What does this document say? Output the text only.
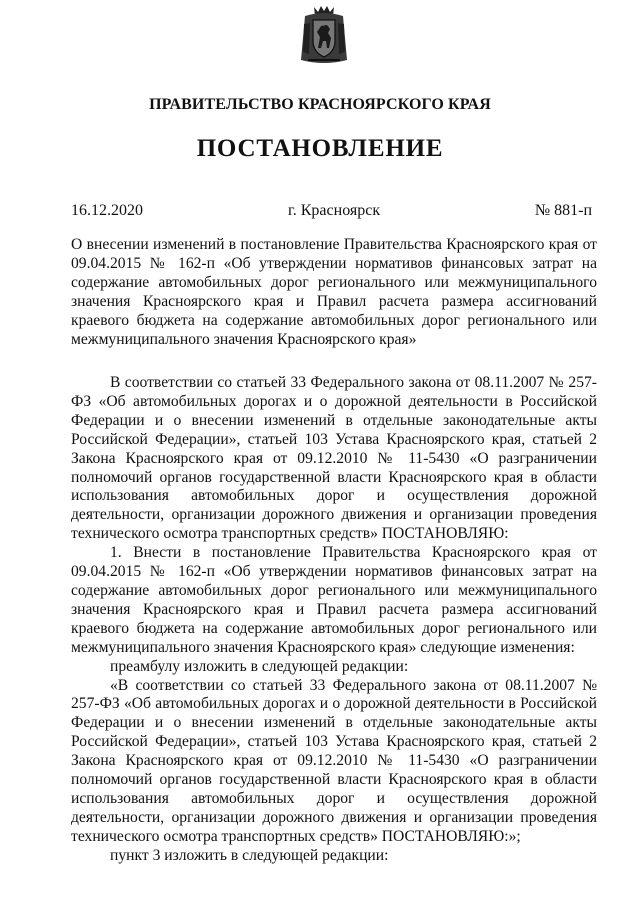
ПРАВИТЕЛЬСТВО КРАСНОЯРСКОГО КРАЯ
ПОСТАНОВЛЕНИЕ
16.12.2020	г. Красноярск	№ 881-п

О внесении изменений в постановление Правительства Красноярского края от 09.04.2015 № 162-п «Об утверждении нормативов финансовых затрат на содержание автомобильных дорог регионального или межмуниципального значения Красноярского края и Правил расчета размера ассигнований краевого бюджета на содержание автомобильных дорог регионального или межмуниципального значения Красноярского края»

В соответствии со статьей 33 Федерального закона от 08.11.2007 № 257-ФЗ «Об автомобильных дорогах и о дорожной деятельности в Российской Федерации и о внесении изменений в отдельные законодательные акты Российской Федерации», статьей 103 Устава Красноярского края, статьей 2 Закона Красноярского края от 09.12.2010 № 11-5430 «О разграничении полномочий органов государственной власти Красноярского края в области использования автомобильных дорог и осуществления дорожной деятельности, организации дорожного движения и организации проведения технического осмотра транспортных средств» ПОСТАНОВЛЯЮ:

1. Внести в постановление Правительства Красноярского края от 09.04.2015 № 162-п «Об утверждении нормативов финансовых затрат на содержание автомобильных дорог регионального или межмуниципального значения Красноярского края и Правил расчета размера ассигнований краевого бюджета на содержание автомобильных дорог регионального или межмуниципального значения Красноярского края» следующие изменения:

преамбулу изложить в следующей редакции:

«В соответствии со статьей 33 Федерального закона от 08.11.2007 № 257-ФЗ «Об автомобильных дорогах и о дорожной деятельности в Российской Федерации и о внесении изменений в отдельные законодательные акты Российской Федерации», статьей 103 Устава Красноярского края, статьей 2 Закона Красноярского края от 09.12.2010 № 11-5430 «О разграничении полномочий органов государственной власти Красноярского края в области использования автомобильных дорог и осуществления дорожной деятельности, организации дорожного движения и организации проведения технического осмотра транспортных средств» ПОСТАНОВЛЯЮ:»;

пункт 3 изложить в следующей редакции:
